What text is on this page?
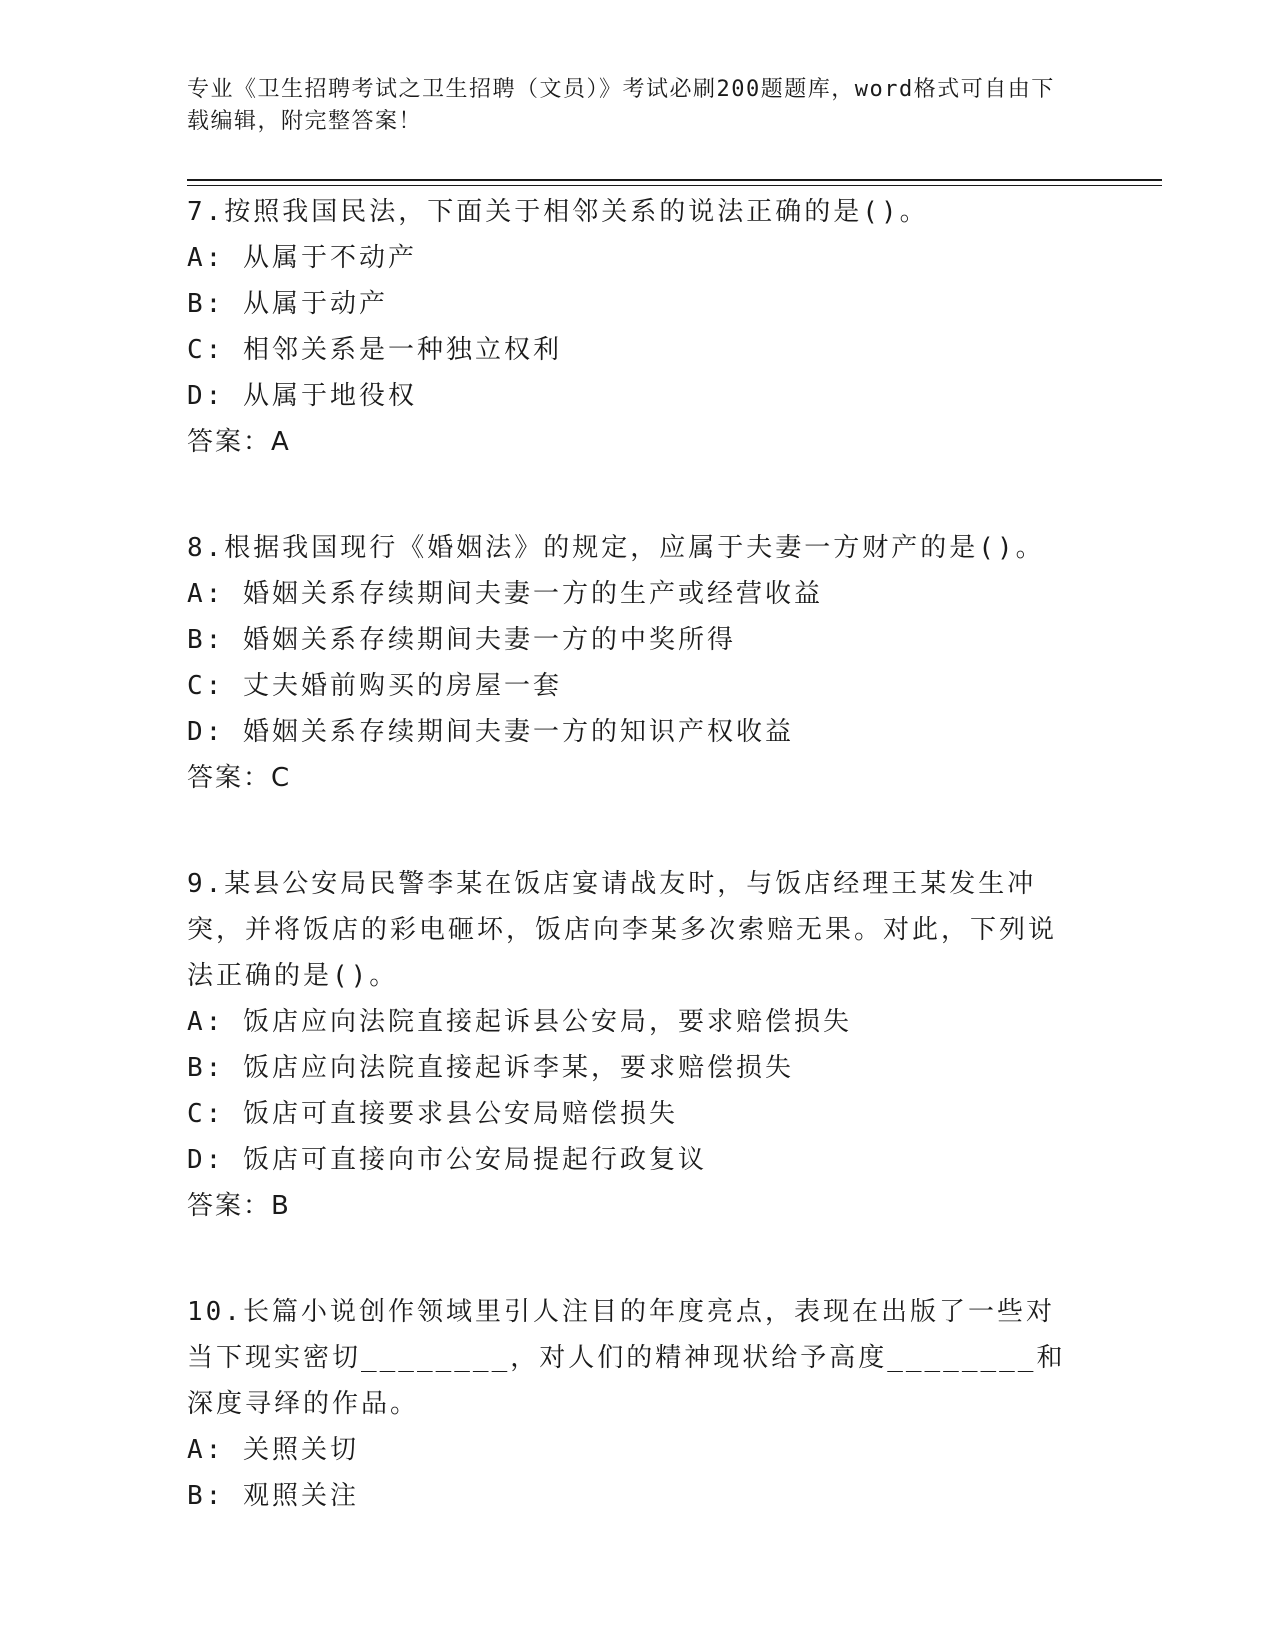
专业《卫生招聘考试之卫生招聘（文员）》考试必刷200题题库，word格式可自由下载编辑，附完整答案！
7.按照我国民法，下面关于相邻关系的说法正确的是()。
A: 从属于不动产
B: 从属于动产
C: 相邻关系是一种独立权利
D: 从属于地役权
答案：A
8.根据我国现行《婚姻法》的规定，应属于夫妻一方财产的是()。
A: 婚姻关系存续期间夫妻一方的生产或经营收益
B: 婚姻关系存续期间夫妻一方的中奖所得
C: 丈夫婚前购买的房屋一套
D: 婚姻关系存续期间夫妻一方的知识产权收益
答案：C
9.某县公安局民警李某在饭店宴请战友时，与饭店经理王某发生冲突，并将饭店的彩电砸坏，饭店向李某多次索赔无果。对此，下列说法正确的是()。
A: 饭店应向法院直接起诉县公安局，要求赔偿损失
B: 饭店应向法院直接起诉李某，要求赔偿损失
C: 饭店可直接要求县公安局赔偿损失
D: 饭店可直接向市公安局提起行政复议
答案：B
10.长篇小说创作领域里引人注目的年度亮点，表现在出版了一些对当下现实密切________，对人们的精神现状给予高度________和深度寻绎的作品。
A: 关照关切
B: 观照关注
